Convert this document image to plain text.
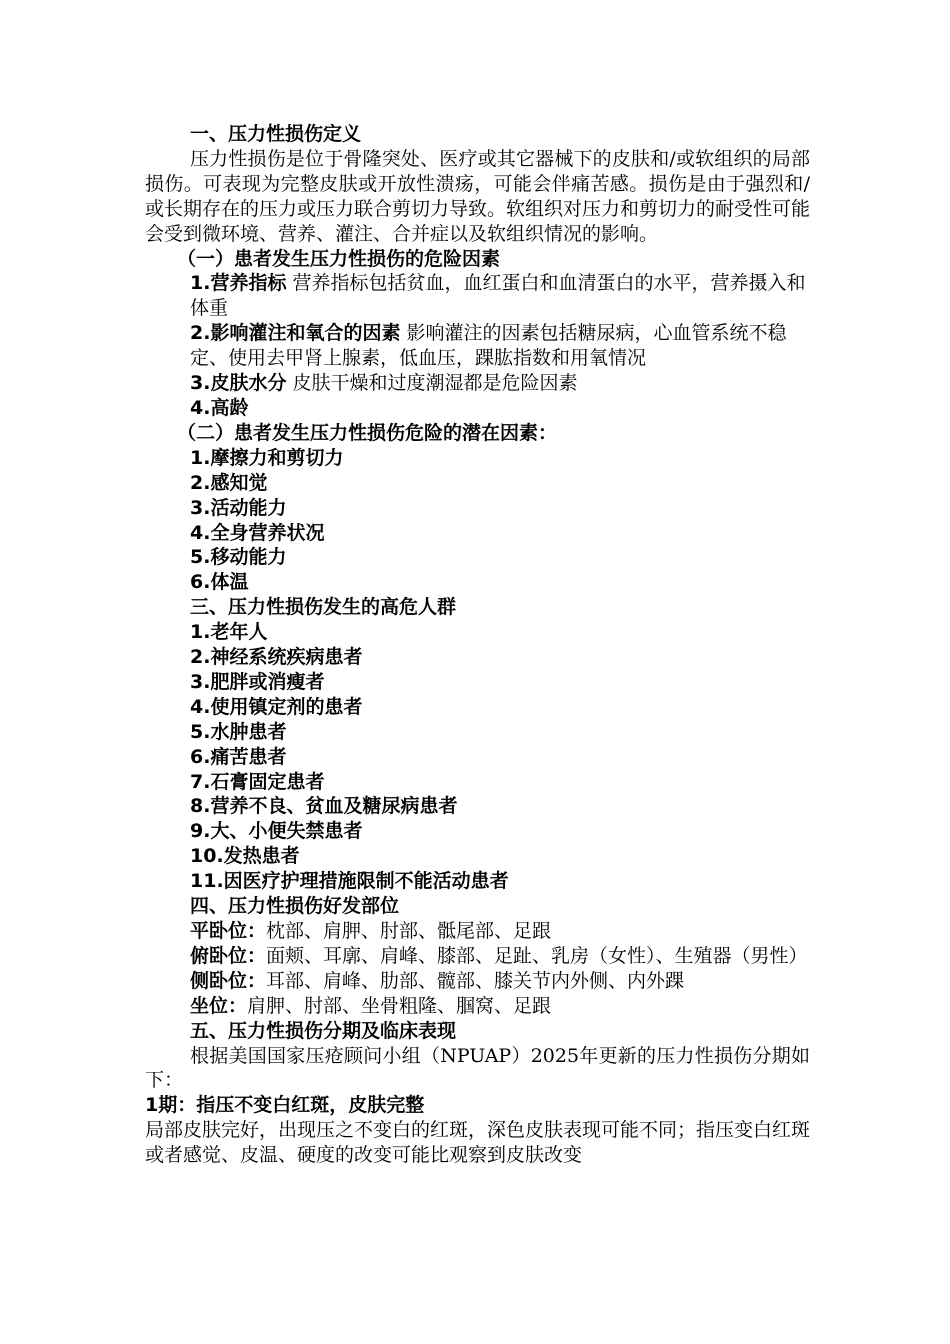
一、压力性损伤定义
压力性损伤是位于骨隆突处、医疗或其它器械下的皮肤和/或软组织的局部损伤。可表现为完整皮肤或开放性溃疡，可能会伴痛苦感。损伤是由于强烈和/或长期存在的压力或压力联合剪切力导致。软组织对压力和剪切力的耐受性可能会受到微环境、营养、灌注、合并症以及软组织情况的影响。
（一）患者发生压力性损伤的危险因素
1.营养指标 营养指标包括贫血，血红蛋白和血清蛋白的水平，营养摄入和体重
2.影响灌注和氧合的因素 影响灌注的因素包括糖尿病，心血管系统不稳定、使用去甲肾上腺素，低血压，踝肱指数和用氧情况
3.皮肤水分 皮肤干燥和过度潮湿都是危险因素
4.高龄
（二）患者发生压力性损伤危险的潜在因素：
1.摩擦力和剪切力
2.感知觉
3.活动能力
4.全身营养状况
5.移动能力
6.体温
三、压力性损伤发生的高危人群
1.老年人
2.神经系统疾病患者
3.肥胖或消瘦者
4.使用镇定剂的患者
5.水肿患者
6.痛苦患者
7.石膏固定患者
8.营养不良、贫血及糖尿病患者
9.大、小便失禁患者
10.发热患者
11.因医疗护理措施限制不能活动患者
四、压力性损伤好发部位
平卧位：枕部、肩胛、肘部、骶尾部、足跟
俯卧位：面颊、耳廓、肩峰、膝部、足趾、乳房（女性）、生殖器（男性）
侧卧位：耳部、肩峰、肋部、髋部、膝关节内外侧、内外踝
坐位：肩胛、肘部、坐骨粗隆、腘窝、足跟
五、压力性损伤分期及临床表现
根据美国国家压疮顾问小组（NPUAP）2025年更新的压力性损伤分期如下：
1期：指压不变白红斑，皮肤完整
局部皮肤完好，出现压之不变白的红斑，深色皮肤表现可能不同；指压变白红斑或者感觉、皮温、硬度的改变可能比观察到皮肤改变
